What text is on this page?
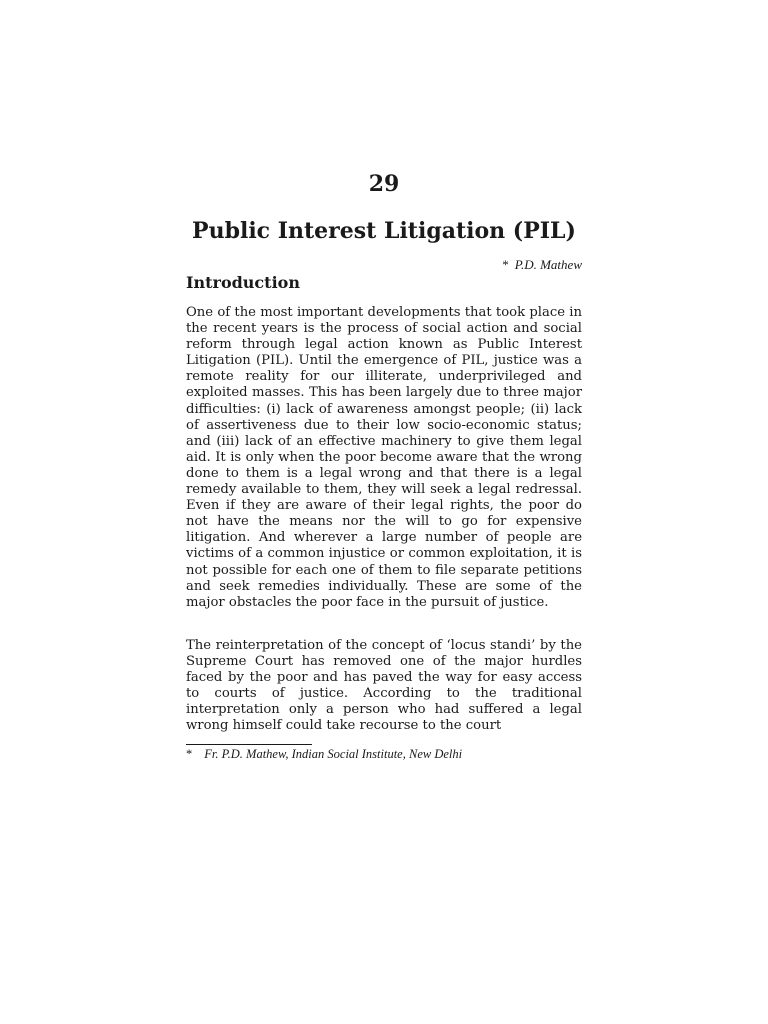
29
Public Interest Litigation (PIL)
* P.D. Mathew
Introduction

One of the most important developments that took place in the recent years is the process of social action and social reform through legal action known as Public Interest Litigation (PIL). Until the emergence of PIL, justice was a remote reality for our illiterate, underprivileged and exploited masses. This has been largely due to three major difficulties: (i) lack of awareness amongst people; (ii) lack of assertiveness due to their low socio-economic status; and (iii) lack of an effective machinery to give them legal aid. It is only when the poor become aware that the wrong done to them is a legal wrong and that there is a legal remedy available to them, they will seek a legal redressal. Even if they are aware of their legal rights, the poor do not have the means nor the will to go for expensive litigation. And wherever a large number of people are victims of a common injustice or common exploitation, it is not possible for each one of them to file separate petitions and seek remedies individually. These are some of the major obstacles the poor face in the pursuit of justice.

The reinterpretation of the concept of ‘locus standi’ by the Supreme Court has removed one of the major hurdles faced by the poor and has paved the way for easy access to courts of justice. According to the traditional interpretation only a person who had suffered a legal wrong himself could take recourse to the court

* Fr. P.D. Mathew, Indian Social Institute, New Delhi
